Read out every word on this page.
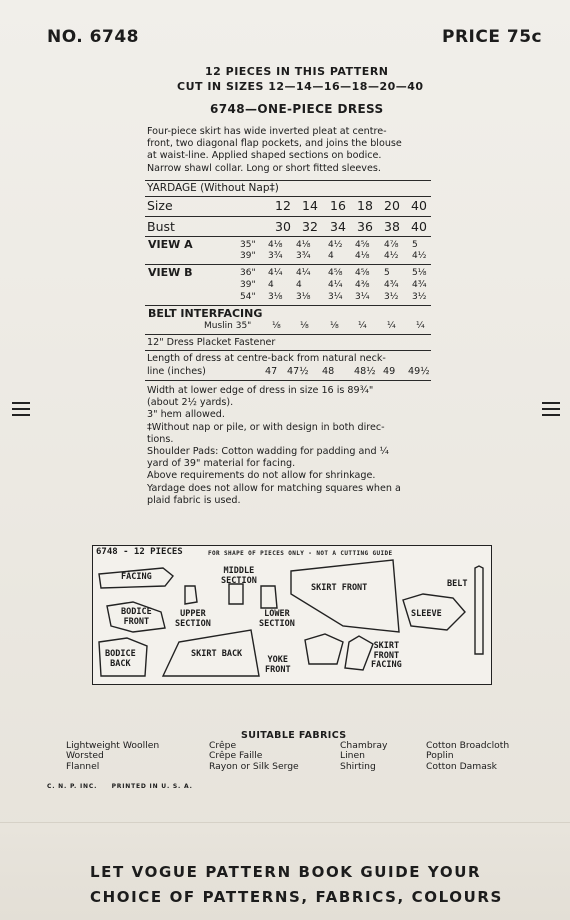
NO. 6748	PRICE 75c
12 PIECES IN THIS PATTERN
CUT IN SIZES 12—14—16—18—20—40
6748—ONE-PIECE DRESS
Four-piece skirt has wide inverted pleat at centre-
front, two diagonal flap pockets, and joins the blouse
at waist-line. Applied shaped sections on bodice.
Narrow shawl collar. Long or short fitted sleeves.
YARDAGE (Without Nap‡)
Size	12 14 16 18 20 40
Bust	30 32 34 36 38 40
VIEW A	35" 4⅛ 4⅛ 4½ 4⅝ 4⅞ 5
39" 3¾ 3¾ 4 4⅛ 4½ 4½
VIEW B	36" 4¼ 4¼ 4⅝ 4⅝ 5 5⅛
39" 4 4	4¼ 4⅜ 4¾ 4¾
54" 3⅛ 3⅛ 3¼ 3¼ 3½ 3½
BELT INTERFACING
Muslin 35" ⅛ ⅛ ⅛ ¼ ¼ ¼
12" Dress Placket Fastener
Length of dress at centre-back from natural neck-
line (inches)	47 47½ 48 48½ 49 49½
Width at lower edge of dress in size 16 is 89¾"
(about 2½ yards).
3" hem allowed.
‡Without nap or pile, or with design in both direc-
tions.
Shoulder Pads: Cotton wadding for padding and ¼
yard of 39" material for facing.
Above requirements do not allow for shrinkage.
Yardage does not allow for matching squares when a
plaid fabric is used.
6748 - 12 PIECES	FOR SHAPE OF PIECES ONLY - NOT A CUTTING GUIDE
FACING
MIDDLE
SECTION
SKIRT FRONT	BELT
BODICE
FRONT
UPPER
SECTION
LOWER
SECTION
SLEEVE
BODICE
BACK
SKIRT BACK
YOKE
FRONT
SKIRT
FRONT
FACING
SUITABLE FABRICS
Lightweight Woollen
Worsted
Flannel
Crêpe
Crêpe Faille
Rayon or Silk Serge
Chambray
Linen
Shirting
Cotton Broadcloth
Poplin
Cotton Damask
C. N. P. INC.     PRINTED IN U. S. A.
LET VOGUE PATTERN BOOK GUIDE YOUR
CHOICE OF PATTERNS, FABRICS, COLOURS
